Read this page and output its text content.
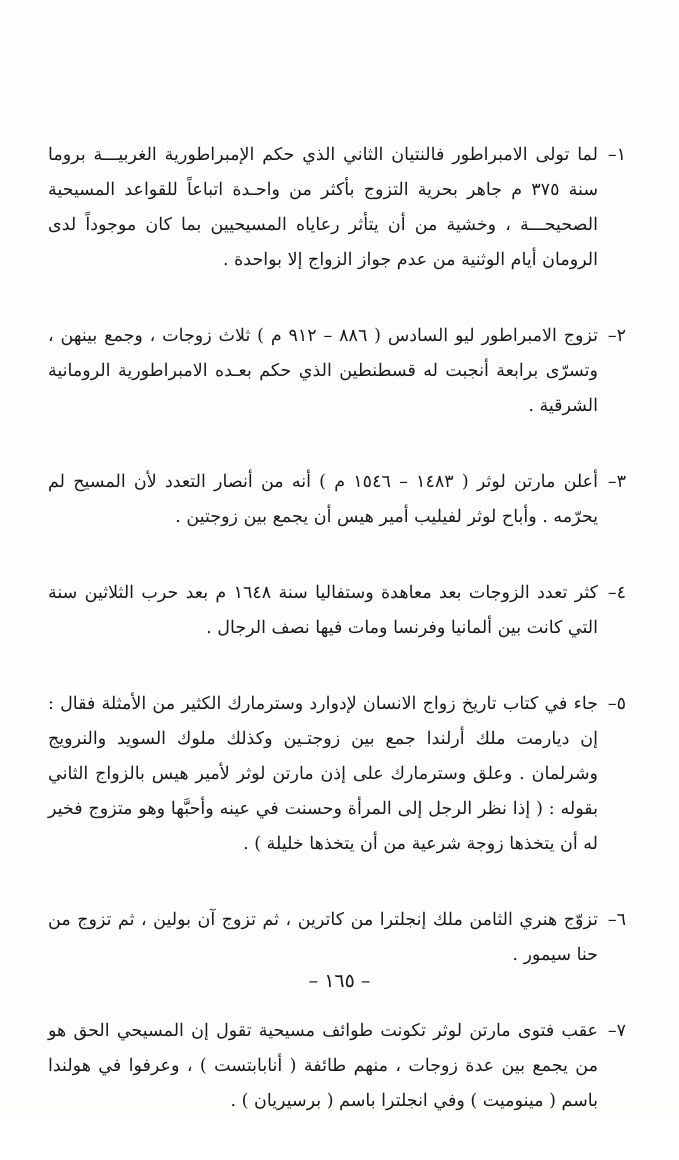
١–
لما تولى الامبراطور فالنتيان الثاني الذي حكم الإمبراطورية الغربيـــة بروما سنة ٣٧٥ م جاهر بحرية التزوج بأكثر من واحـدة اتباعاً للقواعد المسيحية الصحيحـــة ، وخشية من أن يتأثر رعاياه المسيحيين بما كان موجوداً لدى الرومان أيام الوثنية من عدم جواز الزواج إلا بواحدة .
٢–
تزوج الامبراطور ليو السادس ( ٨٨٦ – ٩١٢ م ) ثلاث زوجات ، وجمع بينهن ، وتسرّى برابعة أنجبت له قسطنطين الذي حكم بعـده الامبراطورية الرومانية الشرقية .
٣–
أعلن مارتن لوثر ( ١٤٨٣ – ١٥٤٦ م ) أنه من أنصار التعدد لأن المسيح لم يحرّمه . وأباح لوثر لفيليب أمير هيس أن يجمع بين زوجتين .
٤–
كثر تعدد الزوجات بعد معاهدة وستفاليا سنة ١٦٤٨ م بعد حرب الثلاثين سنة التي كانت بين ألمانيا وفرنسا ومات فيها نصف الرجال .
٥–
جاء في كتاب تاريخ زواج الانسان لإدوارد وسترمارك الكثير من الأمثلة فقال : إن ديارمت ملك أرلندا جمع بين زوجتـين وكذلك ملوك السويد والنرويج وشرلمان . وعلق وسترمارك على إذن مارتن لوثر لأمير هيس بالزواج الثاني بقوله : ( إذا نظر الرجل إلى المرأة وحسنت في عينه وأحبَّها وهو متزوج فخير له أن يتخذها زوجة شرعية من أن يتخذها خليلة ) .
٦–
تزوّج هنري الثامن ملك إنجلترا من كاترين ، ثم تزوج آن بولين ، ثم تزوج من حنا سيمور .
٧–
عقب فتوى مارتن لوثر تكونت طوائف مسيحية تقول إن المسيحي الحق هو من يجمع بين عدة زوجات ، منهم طائفة ( أنابابتست ) ، وعرفوا في هولندا باسم ( مينوميت ) وفي انجلترا باسم ( برسيريان ) .
– ١٦٥ –
